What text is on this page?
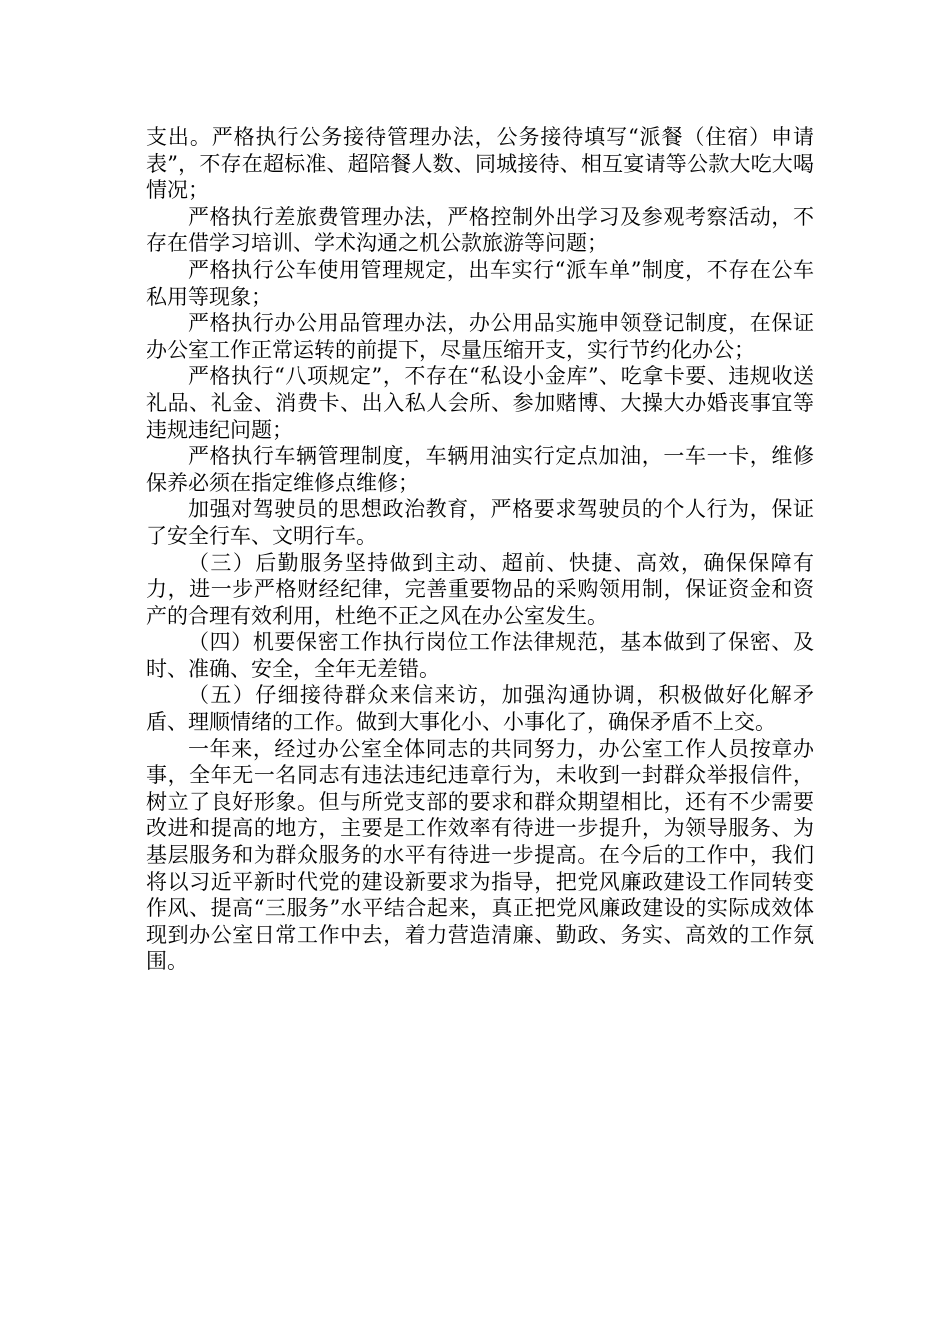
支出。严格执行公务接待管理办法，公务接待填写“派餐（住宿）申请表”，不存在超标准、超陪餐人数、同城接待、相互宴请等公款大吃大喝情况；

严格执行差旅费管理办法，严格控制外出学习及参观考察活动，不存在借学习培训、学术沟通之机公款旅游等问题；

严格执行公车使用管理规定，出车实行“派车单”制度，不存在公车私用等现象；

严格执行办公用品管理办法，办公用品实施申领登记制度，在保证办公室工作正常运转的前提下，尽量压缩开支，实行节约化办公；

严格执行“八项规定”，不存在“私设小金库”、吃拿卡要、违规收送礼品、礼金、消费卡、出入私人会所、参加赌博、大操大办婚丧事宜等违规违纪问题；

严格执行车辆管理制度，车辆用油实行定点加油，一车一卡，维修保养必须在指定维修点维修；

加强对驾驶员的思想政治教育，严格要求驾驶员的个人行为，保证了安全行车、文明行车。

（三）后勤服务坚持做到主动、超前、快捷、高效，确保保障有力，进一步严格财经纪律，完善重要物品的采购领用制，保证资金和资产的合理有效利用，杜绝不正之风在办公室发生。

（四）机要保密工作执行岗位工作法律规范，基本做到了保密、及时、准确、安全，全年无差错。

（五）仔细接待群众来信来访，加强沟通协调，积极做好化解矛盾、理顺情绪的工作。做到大事化小、小事化了，确保矛盾不上交。

一年来，经过办公室全体同志的共同努力，办公室工作人员按章办事，全年无一名同志有违法违纪违章行为，未收到一封群众举报信件，树立了良好形象。但与所党支部的要求和群众期望相比，还有不少需要改进和提高的地方，主要是工作效率有待进一步提升，为领导服务、为基层服务和为群众服务的水平有待进一步提高。在今后的工作中，我们将以习近平新时代党的建设新要求为指导，把党风廉政建设工作同转变作风、提高“三服务”水平结合起来，真正把党风廉政建设的实际成效体现到办公室日常工作中去，着力营造清廉、勤政、务实、高效的工作氛围。
